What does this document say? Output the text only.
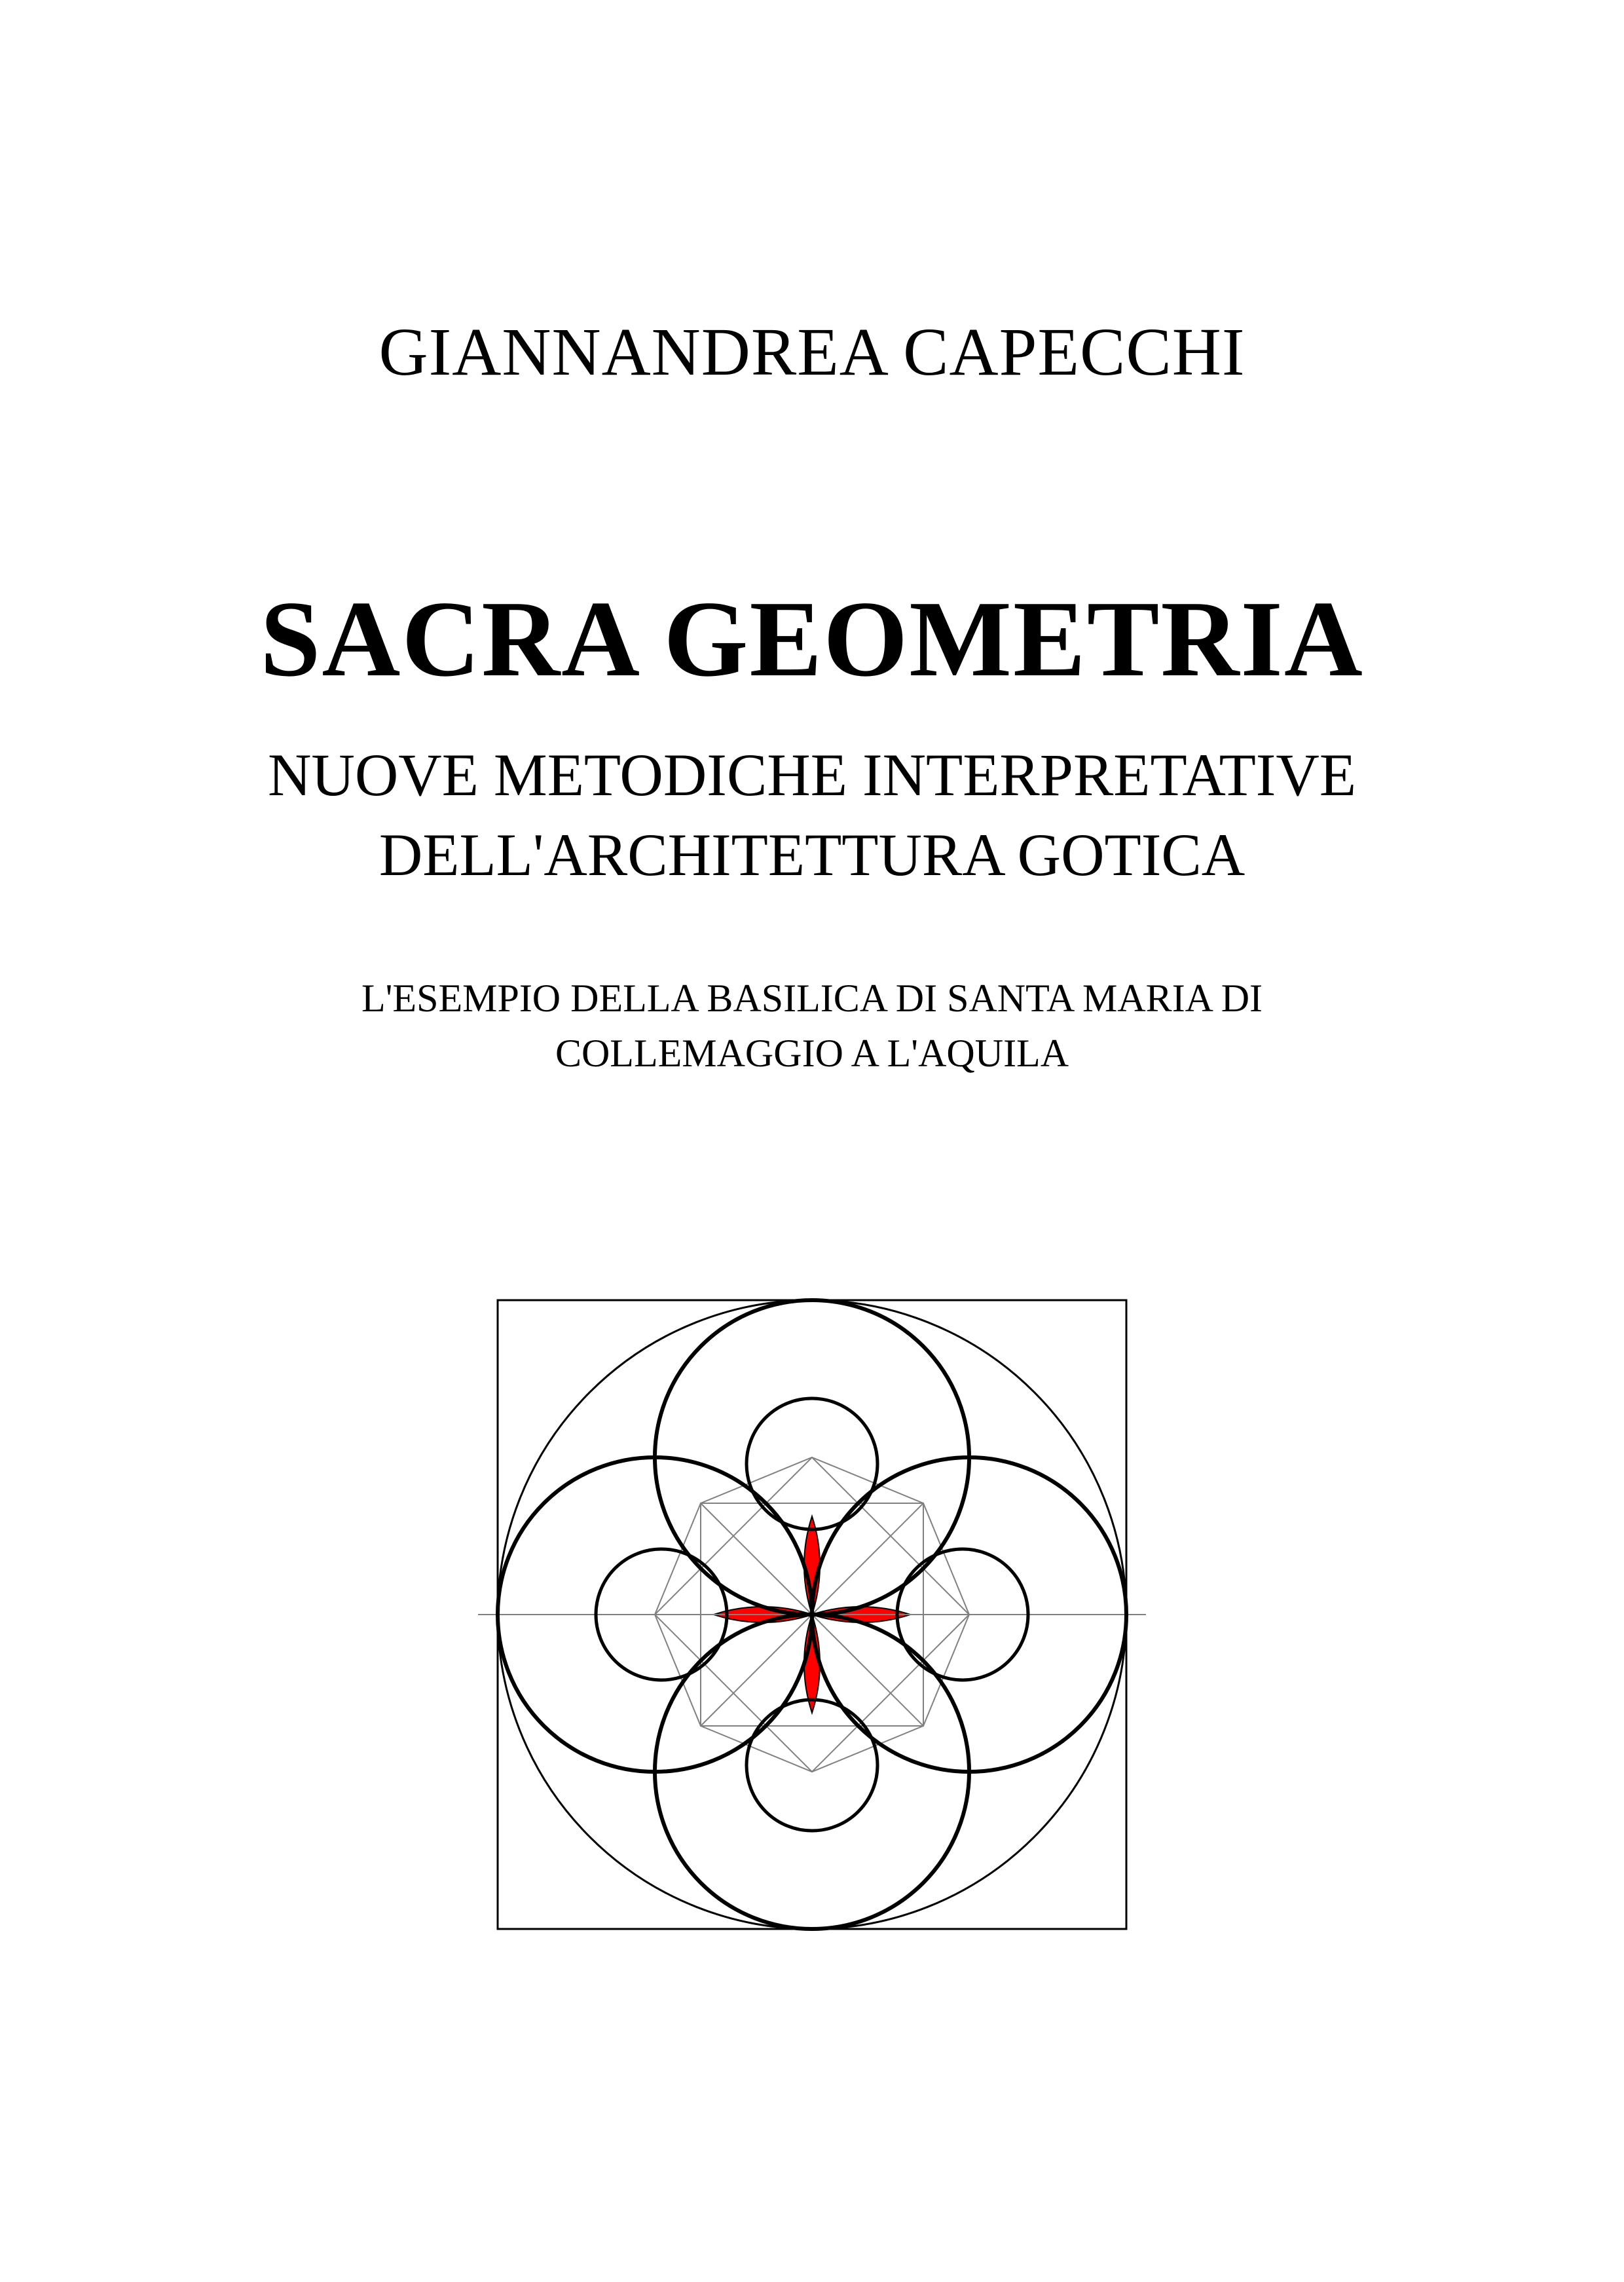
GIANNANDREA CAPECCHI
SACRA GEOMETRIA
NUOVE METODICHE INTERPRETATIVE
DELL'ARCHITETTURA GOTICA
L'ESEMPIO DELLA BASILICA DI SANTA MARIA DI
COLLEMAGGIO A L'AQUILA
